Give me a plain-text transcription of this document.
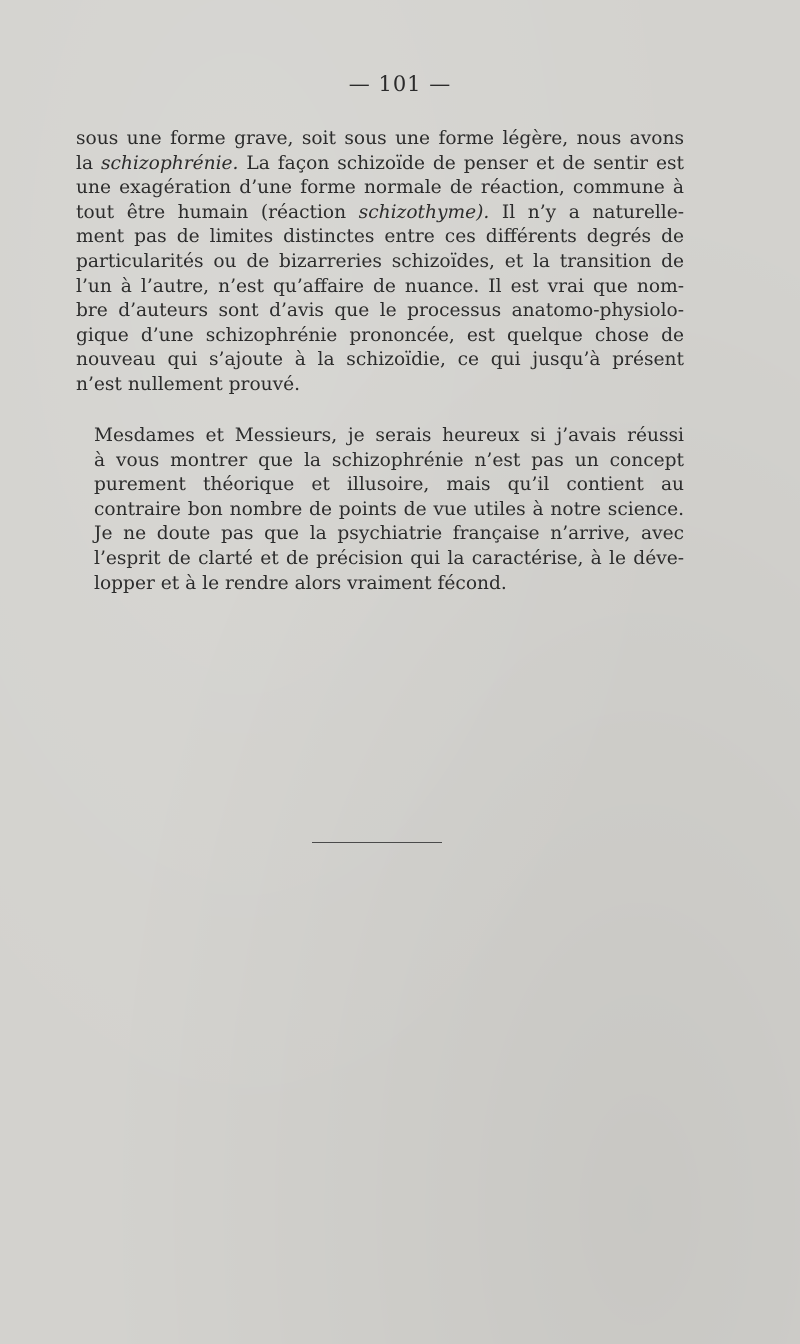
— 101 —
sous une forme grave, soit sous une forme légère, nous avons
la schizophrénie. La façon schizoïde de penser et de sentir est
une exagération d’une forme normale de réaction, commune à
tout être humain (réaction schizothyme). Il n’y a naturelle-
ment pas de limites distinctes entre ces différents degrés de
particularités ou de bizarreries schizoïdes, et la transition de
l’un à l’autre, n’est qu’affaire de nuance. Il est vrai que nom-
bre d’auteurs sont d’avis que le processus anatomo-physiolo-
gique d’une schizophrénie prononcée, est quelque chose de
nouveau qui s’ajoute à la schizoïdie, ce qui jusqu’à présent
n’est nullement prouvé.
Mesdames et Messieurs, je serais heureux si j’avais réussi
à vous montrer que la schizophrénie n’est pas un concept
purement théorique et illusoire, mais qu’il contient au
contraire bon nombre de points de vue utiles à notre science.
Je ne doute pas que la psychiatrie française n’arrive, avec
l’esprit de clarté et de précision qui la caractérise, à le déve-
lopper et à le rendre alors vraiment fécond.
